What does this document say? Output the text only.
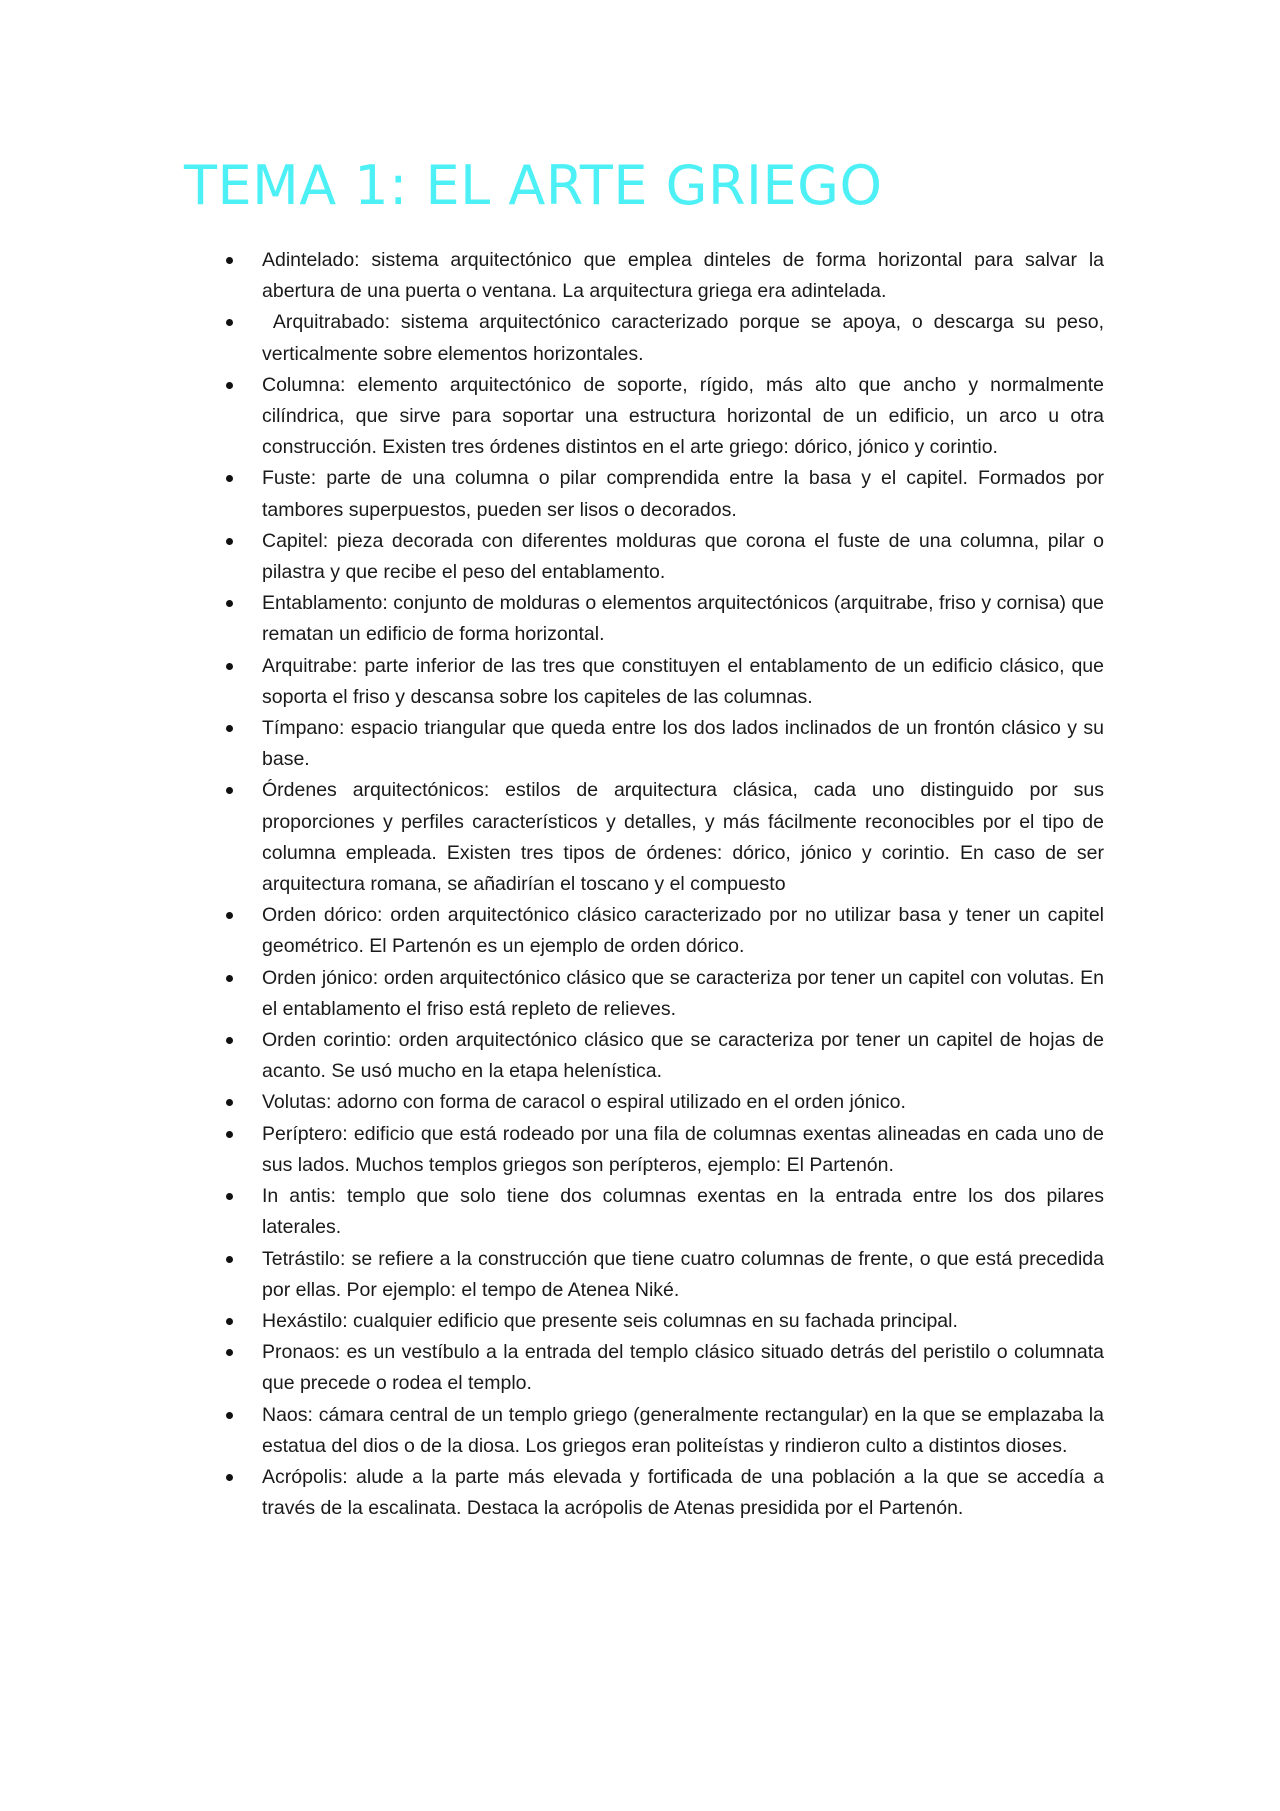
TEMA 1: EL ARTE GRIEGO
Adintelado: sistema arquitectónico que emplea dinteles de forma horizontal para salvar la abertura de una puerta o ventana. La arquitectura griega era adintelada.
Arquitrabado: sistema arquitectónico caracterizado porque se apoya, o descarga su peso, verticalmente sobre elementos horizontales.
Columna: elemento arquitectónico de soporte, rígido, más alto que ancho y normalmente cilíndrica, que sirve para soportar una estructura horizontal de un edificio, un arco u otra construcción. Existen tres órdenes distintos en el arte griego: dórico, jónico y corintio.
Fuste: parte de una columna o pilar comprendida entre la basa y el capitel. Formados por tambores superpuestos, pueden ser lisos o decorados.
Capitel: pieza decorada con diferentes molduras que corona el fuste de una columna, pilar o pilastra y que recibe el peso del entablamento.
Entablamento: conjunto de molduras o elementos arquitectónicos (arquitrabe, friso y cornisa) que rematan un edificio de forma horizontal.
Arquitrabe: parte inferior de las tres que constituyen el entablamento de un edificio clásico, que soporta el friso y descansa sobre los capiteles de las columnas.
Tímpano: espacio triangular que queda entre los dos lados inclinados de un frontón clásico y su base.
Órdenes arquitectónicos: estilos de arquitectura clásica, cada uno distinguido por sus proporciones y perfiles característicos y detalles, y más fácilmente reconocibles por el tipo de columna empleada. Existen tres tipos de órdenes: dórico, jónico y corintio. En caso de ser arquitectura romana, se añadirían el toscano y el compuesto
Orden dórico: orden arquitectónico clásico caracterizado por no utilizar basa y tener un capitel geométrico. El Partenón es un ejemplo de orden dórico.
Orden jónico: orden arquitectónico clásico que se caracteriza por tener un capitel con volutas. En el entablamento el friso está repleto de relieves.
Orden corintio: orden arquitectónico clásico que se caracteriza por tener un capitel de hojas de acanto. Se usó mucho en la etapa helenística.
Volutas: adorno con forma de caracol o espiral utilizado en el orden jónico.
Períptero: edificio que está rodeado por una fila de columnas exentas alineadas en cada uno de sus lados. Muchos templos griegos son perípteros, ejemplo: El Partenón.
In antis: templo que solo tiene dos columnas exentas en la entrada entre los dos pilares laterales.
Tetrástilo: se refiere a la construcción que tiene cuatro columnas de frente, o que está precedida por ellas. Por ejemplo: el tempo de Atenea Niké.
Hexástilo: cualquier edificio que presente seis columnas en su fachada principal.
Pronaos: es un vestíbulo a la entrada del templo clásico situado detrás del peristilo o columnata que precede o rodea el templo.
Naos: cámara central de un templo griego (generalmente rectangular) en la que se emplazaba la estatua del dios o de la diosa. Los griegos eran politeístas y rindieron culto a distintos dioses.
Acrópolis: alude a la parte más elevada y fortificada de una población a la que se accedía a través de la escalinata. Destaca la acrópolis de Atenas presidida por el Partenón.
